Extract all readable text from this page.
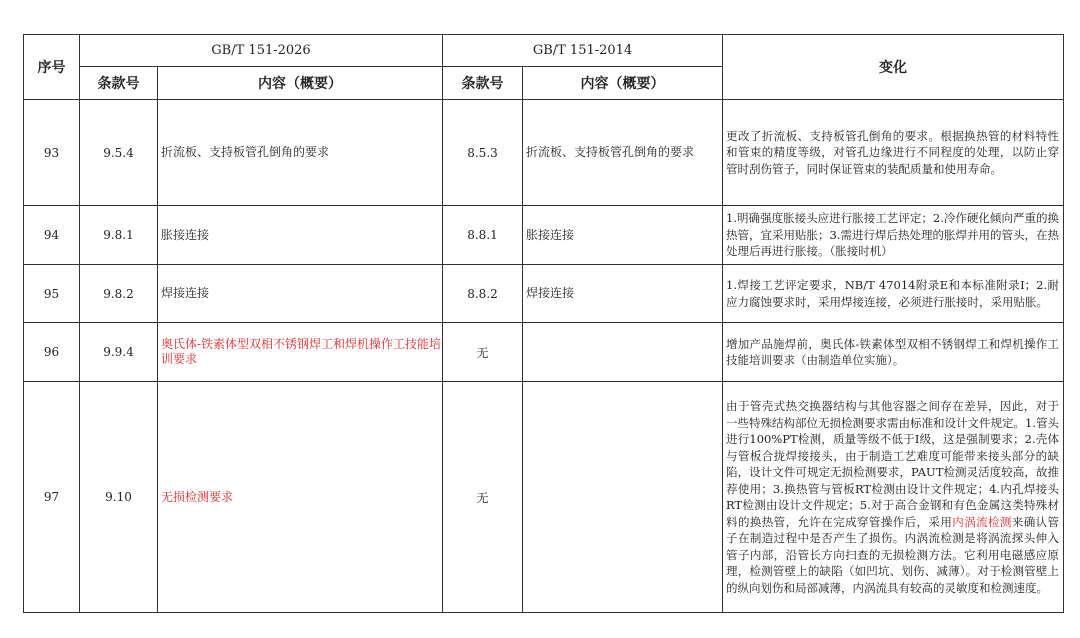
序号	GB/T 151-2026		GB/T 151-2014		变化
	条款号	内容（概要）	条款号	内容（概要）	
93	9.5.4	折流板、支持板管孔倒角的要求	8.5.3	折流板、支持板管孔倒角的要求	更改了折流板、支持板管孔倒角的要求。根据换热管的材料特性和管束的精度等级，对管孔边缘进行不同程度的处理，以防止穿管时刮伤管子，同时保证管束的装配质量和使用寿命。
94	9.8.1	胀接连接	8.8.1	胀接连接	1.明确强度胀接头应进行胀接工艺评定；2.冷作硬化倾向严重的换热管，宜采用贴胀；3.需进行焊后热处理的胀焊并用的管头，在热处理后再进行胀接。（胀接时机）
95	9.8.2	焊接连接	8.8.2	焊接连接	1.焊接工艺评定要求，NB/T 47014附录E和本标准附录I；2.耐应力腐蚀要求时，采用焊接连接，必须进行胀接时，采用贴胀。
96	9.9.4	奥氏体-铁素体型双相不锈钢焊工和焊机操作工技能培训要求	无		增加产品施焊前，奥氏体-铁素体型双相不锈钢焊工和焊机操作工技能培训要求（由制造单位实施）。
97	9.10	无损检测要求	无		由于管壳式热交换器结构与其他容器之间存在差异，因此，对于一些特殊结构部位无损检测要求需由标准和设计文件规定。1.管头进行100%PT检测，质量等级不低于Ⅰ级，这是强制要求；2.壳体与管板合拢焊接接头，由于制造工艺难度可能带来接头部分的缺陷，设计文件可规定无损检测要求，PAUT检测灵活度较高，故推荐使用；3.换热管与管板RT检测由设计文件规定；4.内孔焊接头RT检测由设计文件规定；5.对于高合金钢和有色金属这类特殊材料的换热管，允许在完成穿管操作后，采用内涡流检测来确认管子在制造过程中是否产生了损伤。内涡流检测是将涡流探头伸入管子内部，沿管长方向扫查的无损检测方法。它利用电磁感应原理，检测管壁上的缺陷（如凹坑、划伤、减薄）。对于检测管壁上的纵向划伤和局部减薄，内涡流具有较高的灵敏度和检测速度。
